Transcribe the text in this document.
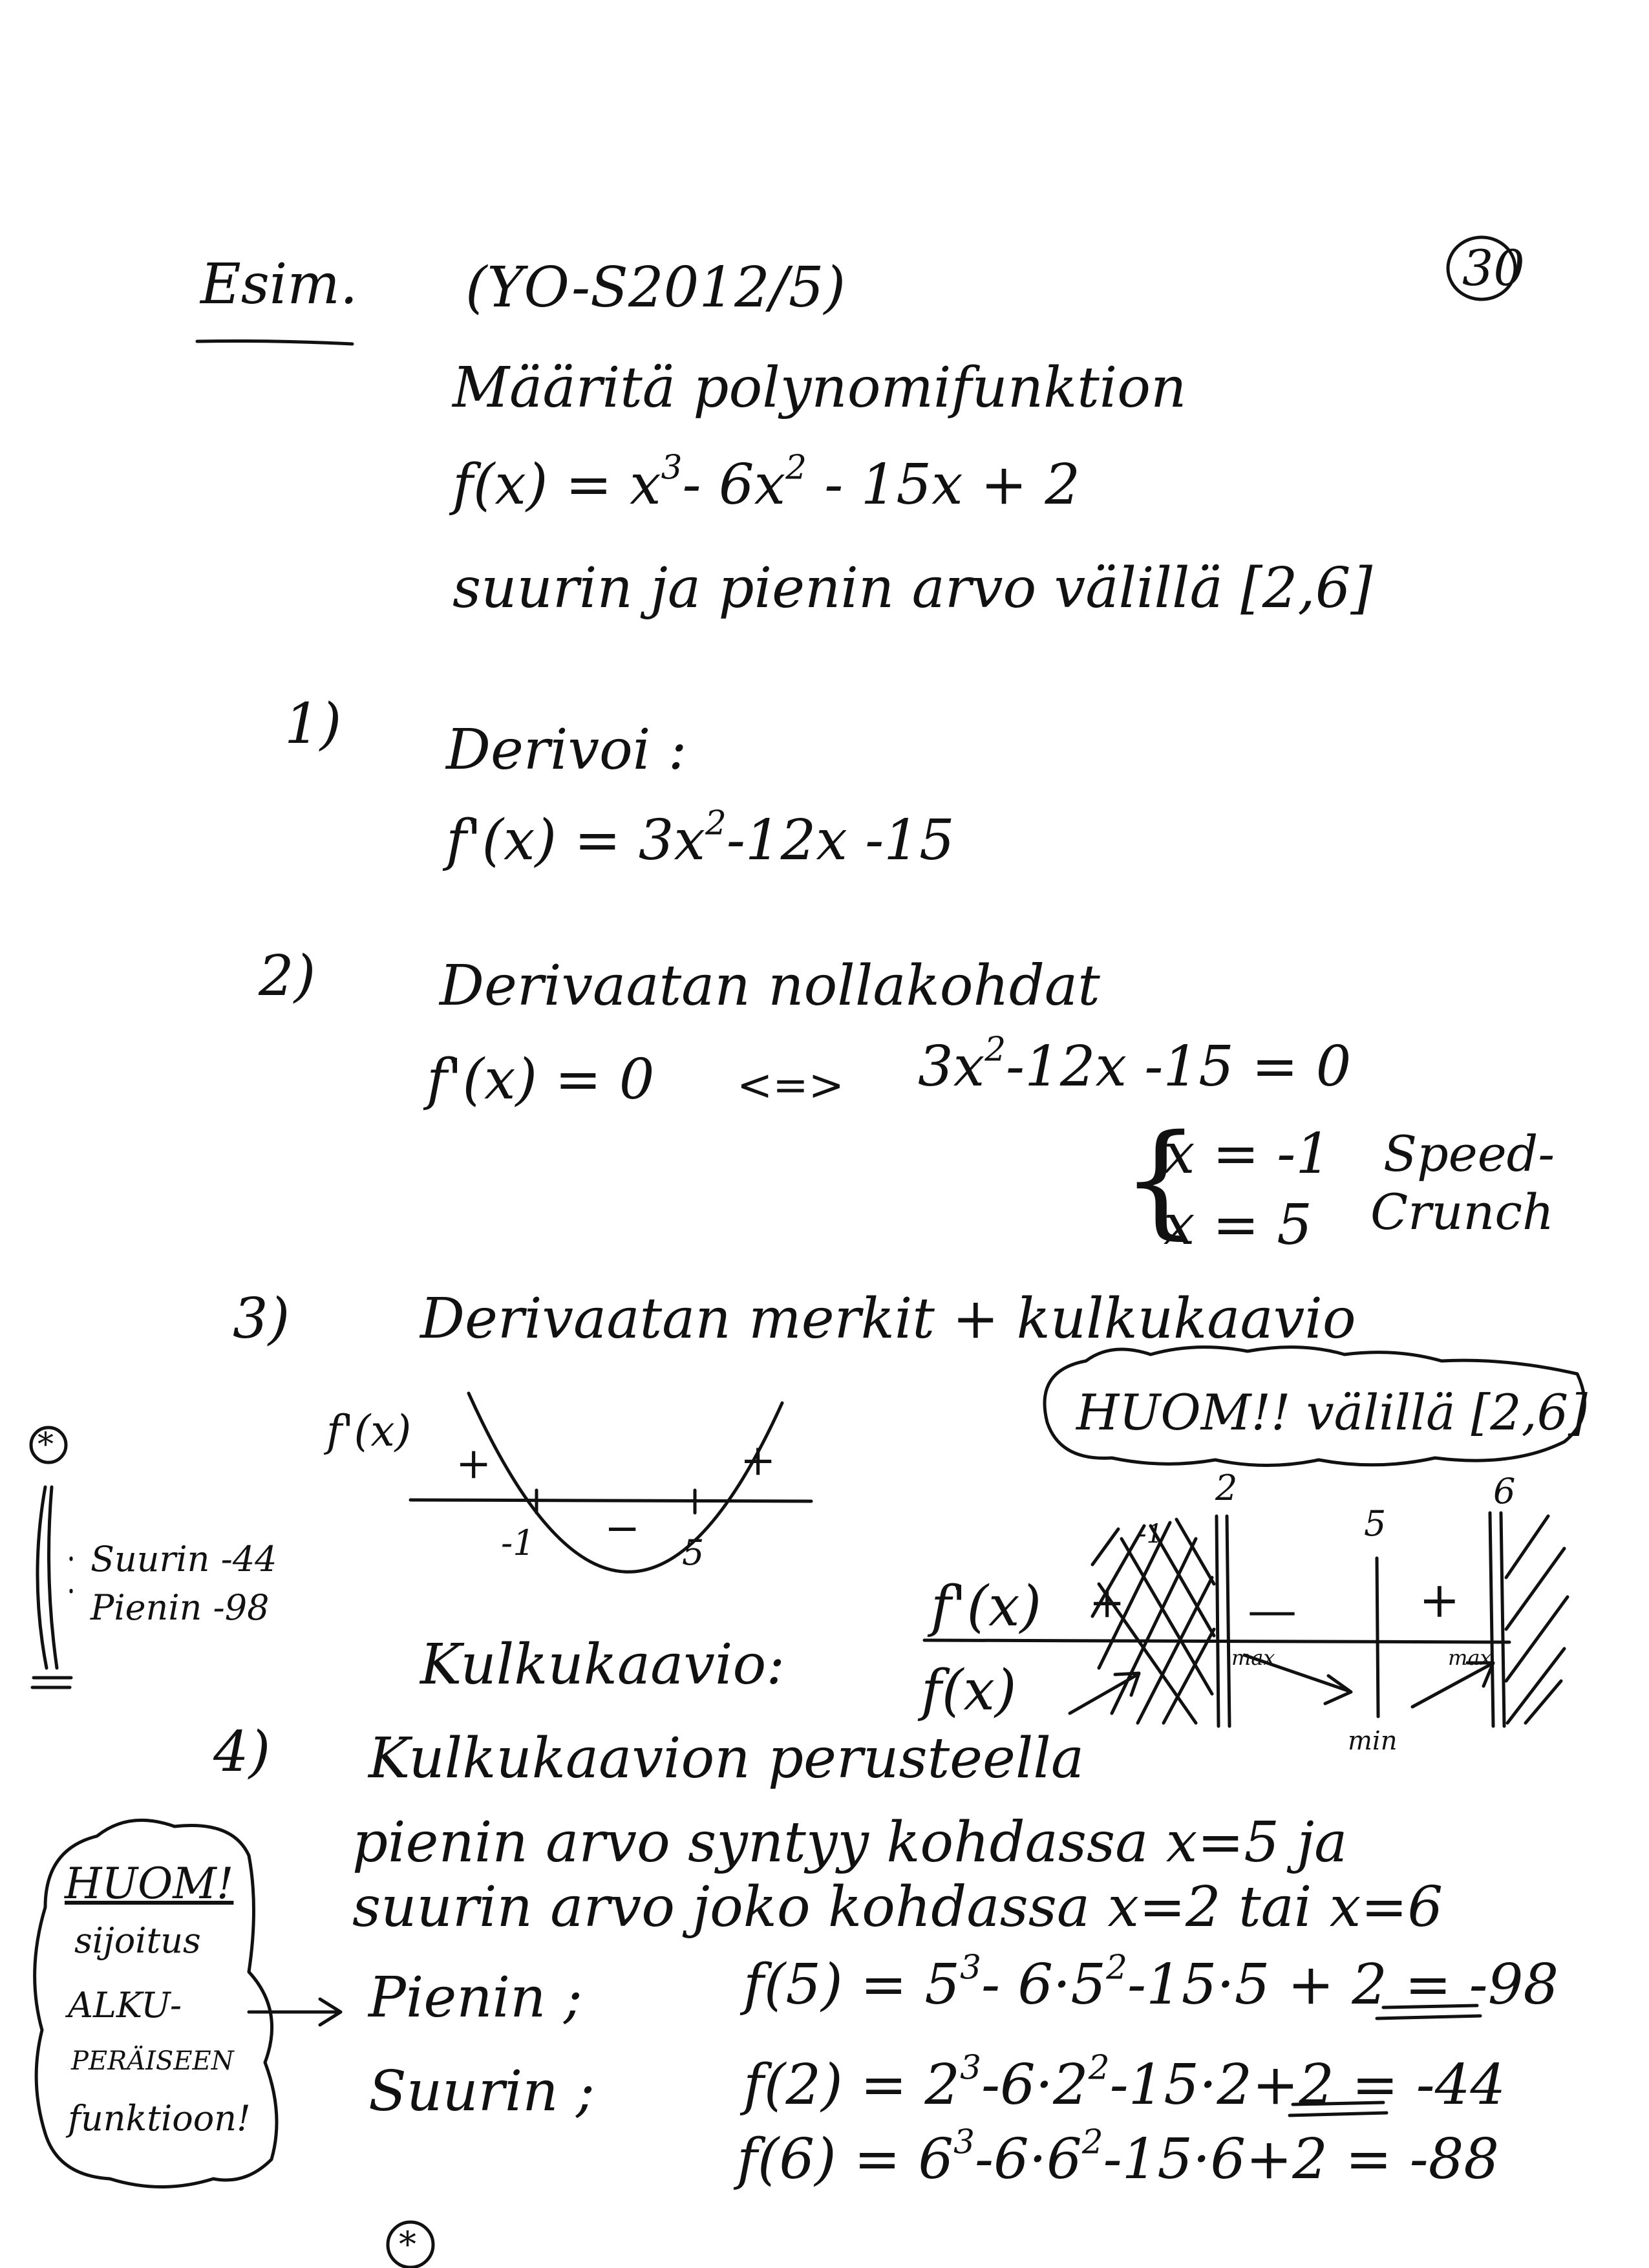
30
Esim. (YO-S2012/5)
Määritä polynomifunktion
$f(x) = x^3-$ $6x^2 - 15x + 2$
suurin ja pienin arvo välillä [2,6]
1) Derivoi :
$f'(x) = 3x^2-12x$ -15
2) Derivaatan nollakohdat
f'(x) = 0 <=> $3x^2-12x$ -15 = 0
{
x = -1
x = 5
Speed-
Crunch
3) Derivaatan merkit + kulkukaavio
f'(x)
+	+
−
-1	5
HUOM!! välillä [2,6]
Kulkukaavio:
2
5
6
-1
f'(x)
f(x)
+ — +
max	max
min
*
Suurin -44
Pienin -98
4) Kulkukaavion perusteella
pienin arvo syntyy kohdassa x=5 ja
suurin arvo joko kohdassa x=2 tai x=6
Pienin ;
Suurin ;
$f(5) = 5^3-$ $6\cdot 5^2-15\cdot 5 + 2 = -98$
$f(2) = 2^3-6\cdot 2^2-15\cdot 2+2 = -44$
$f(6) = 6^3-6\cdot 6^2-15\cdot 6+2 = -88$
HUOM!
sijoitus
ALKU-
PERÄISEEN
funktioon!
*
